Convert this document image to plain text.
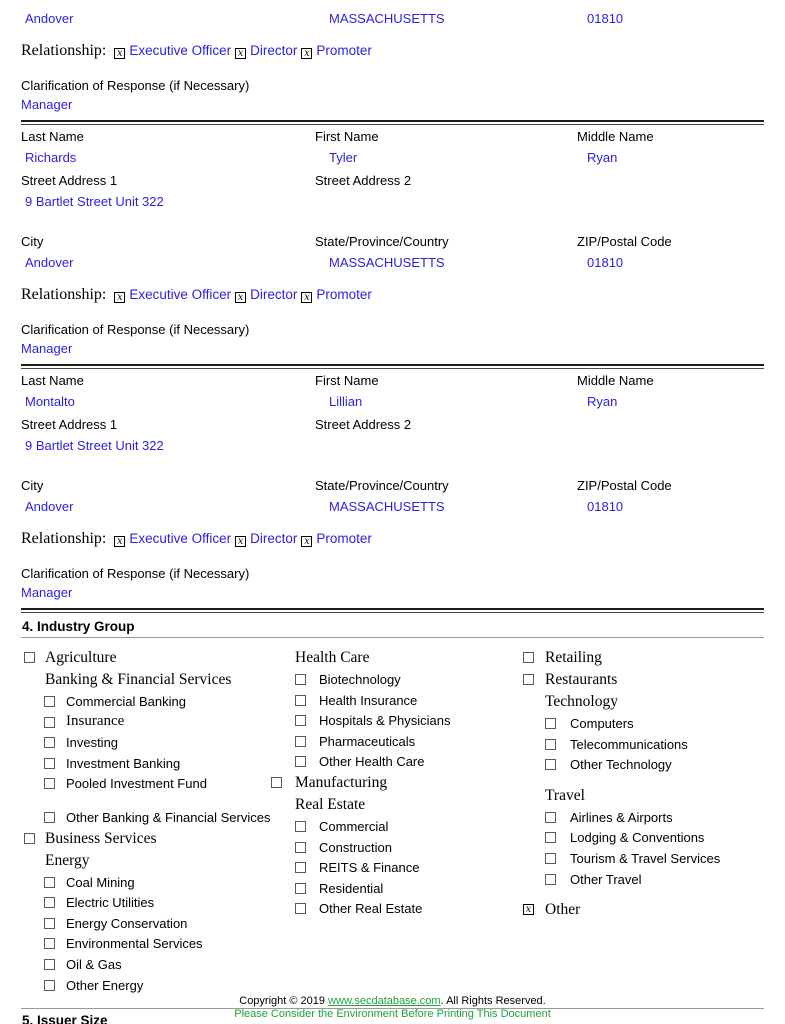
Andover	MASSACHUSETTS	01810
Relationship: x Executive Officer x Director x Promoter
Clarification of Response (if Necessary)
Manager
Last Name	First Name	Middle Name
Richards	Tyler	Ryan
Street Address 1	Street Address 2
9 Bartlet Street Unit 322
City	State/Province/Country	ZIP/Postal Code
Andover	MASSACHUSETTS	01810
Relationship: x Executive Officer x Director x Promoter
Clarification of Response (if Necessary)
Manager
Last Name	First Name	Middle Name
Montalto	Lillian	Ryan
Street Address 1	Street Address 2
9 Bartlet Street Unit 322
City	State/Province/Country	ZIP/Postal Code
Andover	MASSACHUSETTS	01810
Relationship: x Executive Officer x Director x Promoter
Clarification of Response (if Necessary)
Manager
4. Industry Group
Agriculture
Banking & Financial Services
Commercial Banking
Insurance
Investing
Investment Banking
Pooled Investment Fund
Other Banking & Financial Services
Business Services
Energy
Coal Mining
Electric Utilities
Energy Conservation
Environmental Services
Oil & Gas
Other Energy
Health Care
Biotechnology
Health Insurance
Hospitals & Physicians
Pharmaceuticals
Other Health Care
Manufacturing
Real Estate
Commercial
Construction
REITS & Finance
Residential
Other Real Estate
Retailing
Restaurants
Technology
Computers
Telecommunications
Other Technology
Travel
Airlines & Airports
Lodging & Conventions
Tourism & Travel Services
Other Travel
x
Other
5. Issuer Size
Copyright © 2019 www.secdatabase.com. All Rights Reserved.
Please Consider the Environment Before Printing This Document
